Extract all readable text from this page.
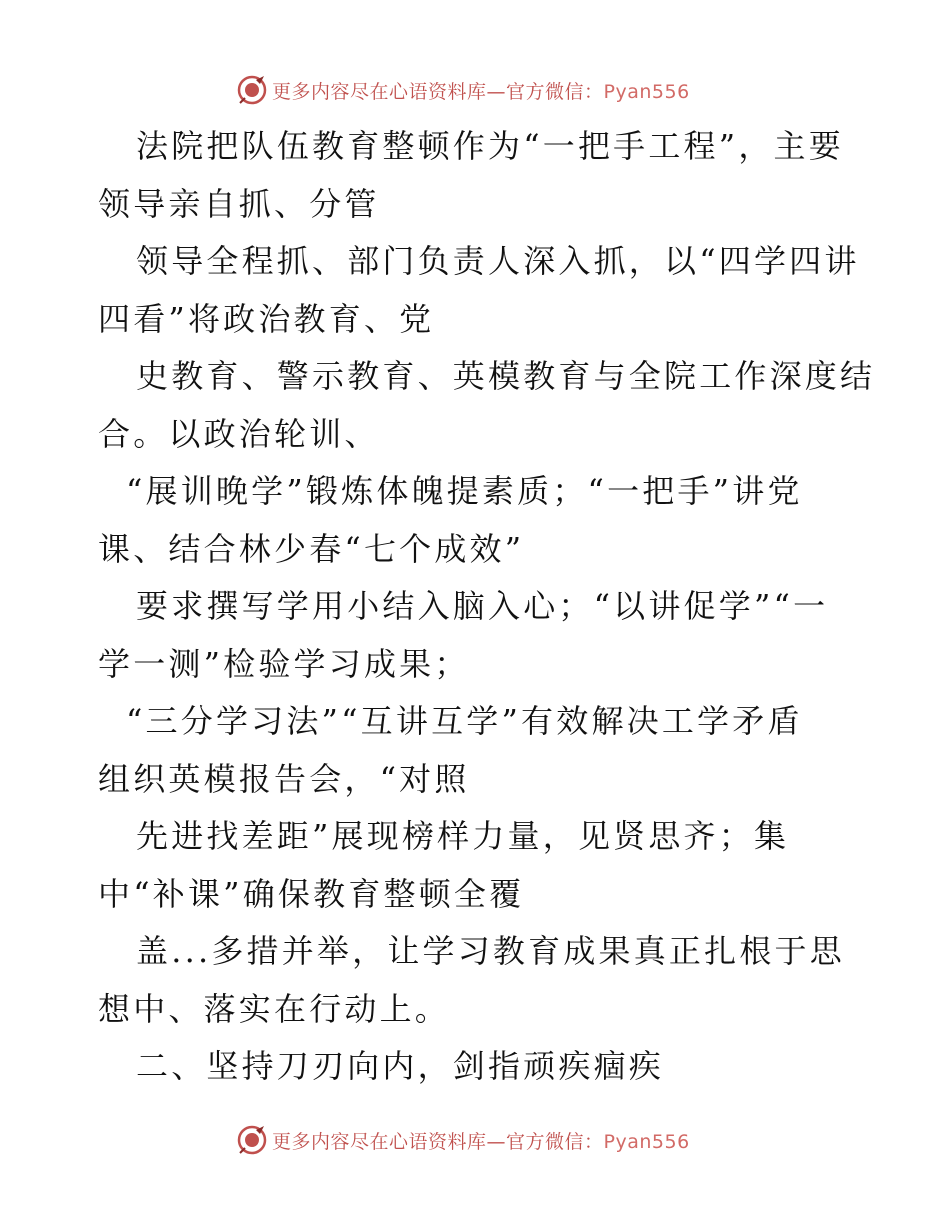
更多内容尽在心语资料库—官方微信：Pyan556
法院把队伍教育整顿作为“一把手工程”，主要
领导亲自抓、分管
领导全程抓、部门负责人深入抓，以“四学四讲
四看”将政治教育、党
史教育、警示教育、英模教育与全院工作深度结
合。以政治轮训、
“展训晚学”锻炼体魄提素质；“一把手”讲党
课、结合林少春“七个成效”
要求撰写学用小结入脑入心；“以讲促学”“一
学一测”检验学习成果；
“三分学习法”“互讲互学”有效解决工学矛盾
组织英模报告会，“对照
先进找差距”展现榜样力量，见贤思齐；集
中“补课”确保教育整顿全覆
盖...多措并举，让学习教育成果真正扎根于思
想中、落实在行动上。
二、坚持刀刃向内，剑指顽疾痼疾
更多内容尽在心语资料库—官方微信：Pyan556
